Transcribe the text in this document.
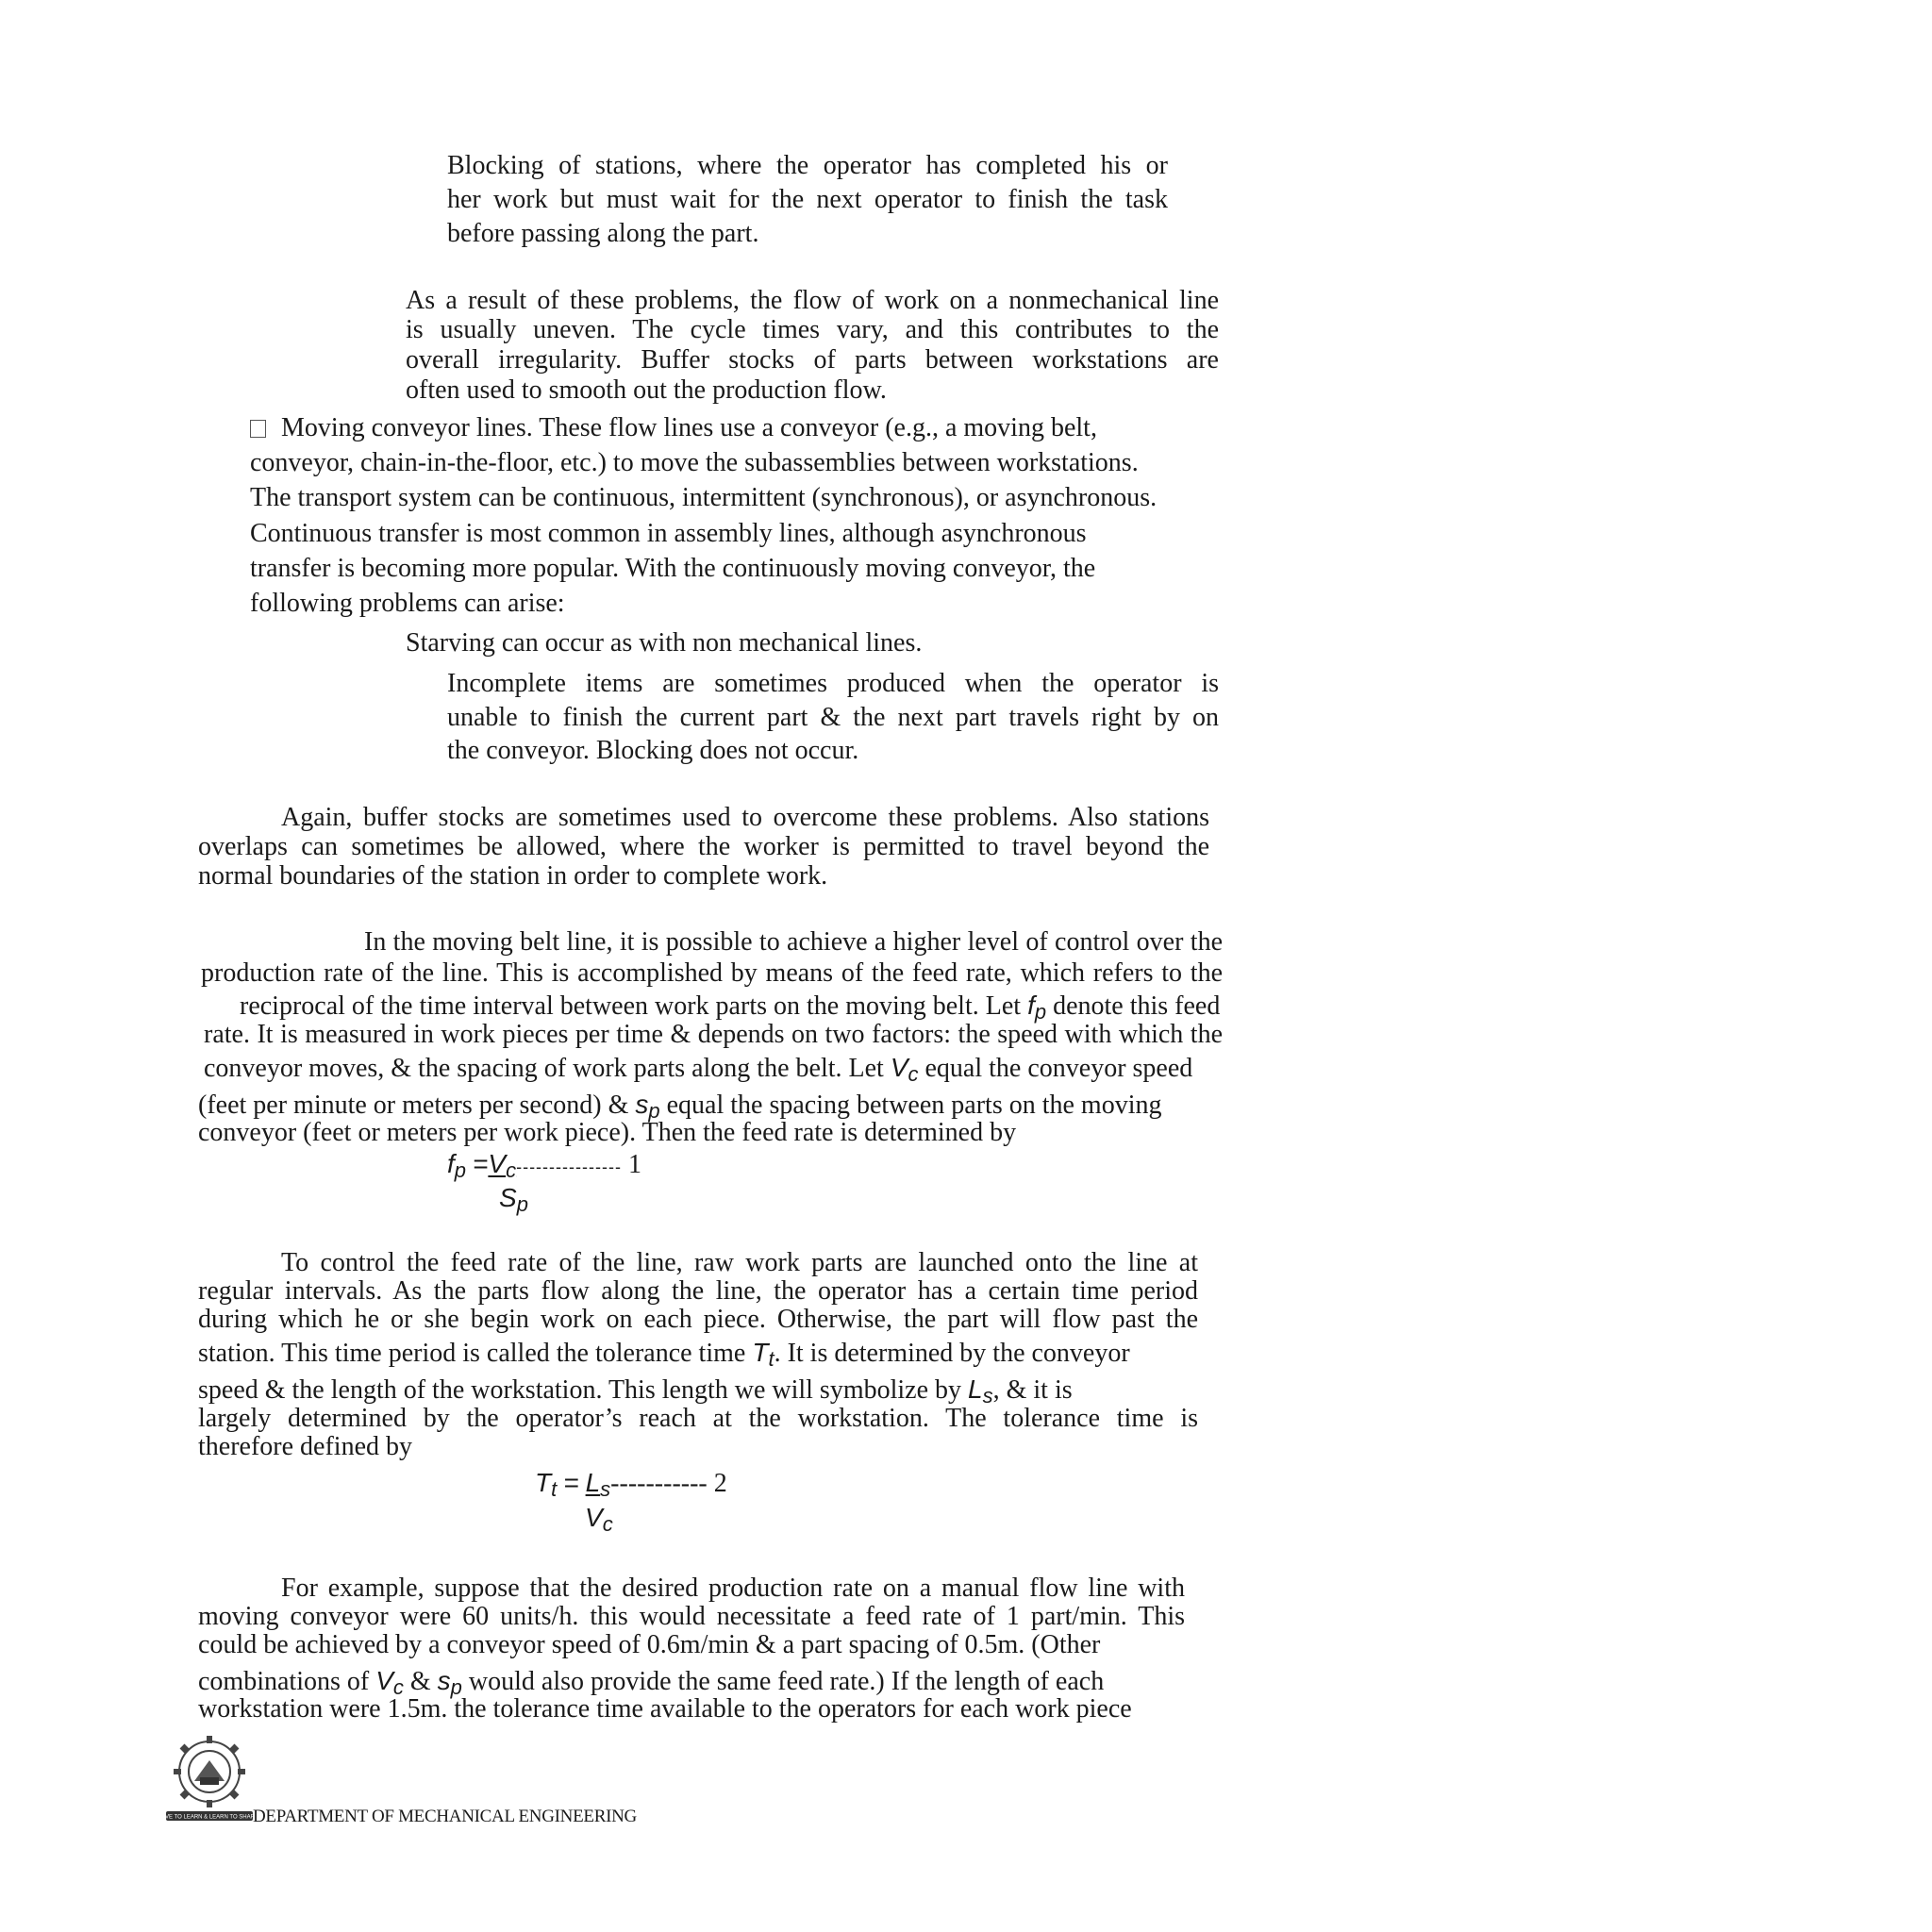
Blocking of stations, where the operator has completed his or
her work but must wait for the next operator to finish the task
before passing along the part.
As a result of these problems, the flow of work on a nonmechanical line
is usually uneven. The cycle times vary, and this contributes to the
overall irregularity. Buffer stocks of parts between workstations are
often used to smooth out the production flow.
Moving conveyor lines. These flow lines use a conveyor (e.g., a moving belt,
conveyor, chain-in-the-floor, etc.) to move the subassemblies between workstations.
The transport system can be continuous, intermittent (synchronous), or asynchronous.
Continuous transfer is most common in assembly lines, although asynchronous
transfer is becoming more popular. With the continuously moving conveyor, the
following problems can arise:
Starving can occur as with non mechanical lines.
Incomplete items are sometimes produced when the operator is
unable to finish the current part & the next part travels right by on
the conveyor. Blocking does not occur.
Again, buffer stocks are sometimes used to overcome these problems. Also stations
overlaps can sometimes be allowed, where the worker is permitted to travel beyond the
normal boundaries of the station in order to complete work.
In the moving belt line, it is possible to achieve a higher level of control over the
production rate of the line. This is accomplished by means of the feed rate, which refers to the
reciprocal of the time interval between work parts on the moving belt. Let fp denote this feed
rate. It is measured in work pieces per time & depends on two factors: the speed with which the
conveyor moves, & the spacing of work parts along the belt. Let Vc equal the conveyor speed
(feet per minute or meters per second) & sp equal the spacing between parts on the moving
conveyor (feet or meters per work piece). Then the feed rate is determined by
fp =Vc---------------- 1
Sp
To control the feed rate of the line, raw work parts are launched onto the line at
regular intervals. As the parts flow along the line, the operator has a certain time period
during which he or she begin work on each piece. Otherwise, the part will flow past the
station. This time period is called the tolerance time Tt. It is determined by the conveyor
speed & the length of the workstation. This length we will symbolize by Ls, & it is
largely determined by the operator’s reach at the workstation. The tolerance time is
therefore defined by
Tt = Ls----------- 2
Vc
For example, suppose that the desired production rate on a manual flow line with
moving conveyor were 60 units/h. this would necessitate a feed rate of 1 part/min. This
could be achieved by a conveyor speed of 0.6m/min & a part spacing of 0.5m. (Other
combinations of Vc & sp would also provide the same feed rate.) If the length of each
workstation were 1.5m. the tolerance time available to the operators for each work piece
LIVE TO LEARN & LEARN TO SHARE
DEPARTMENT OF MECHANICAL ENGINEERING
